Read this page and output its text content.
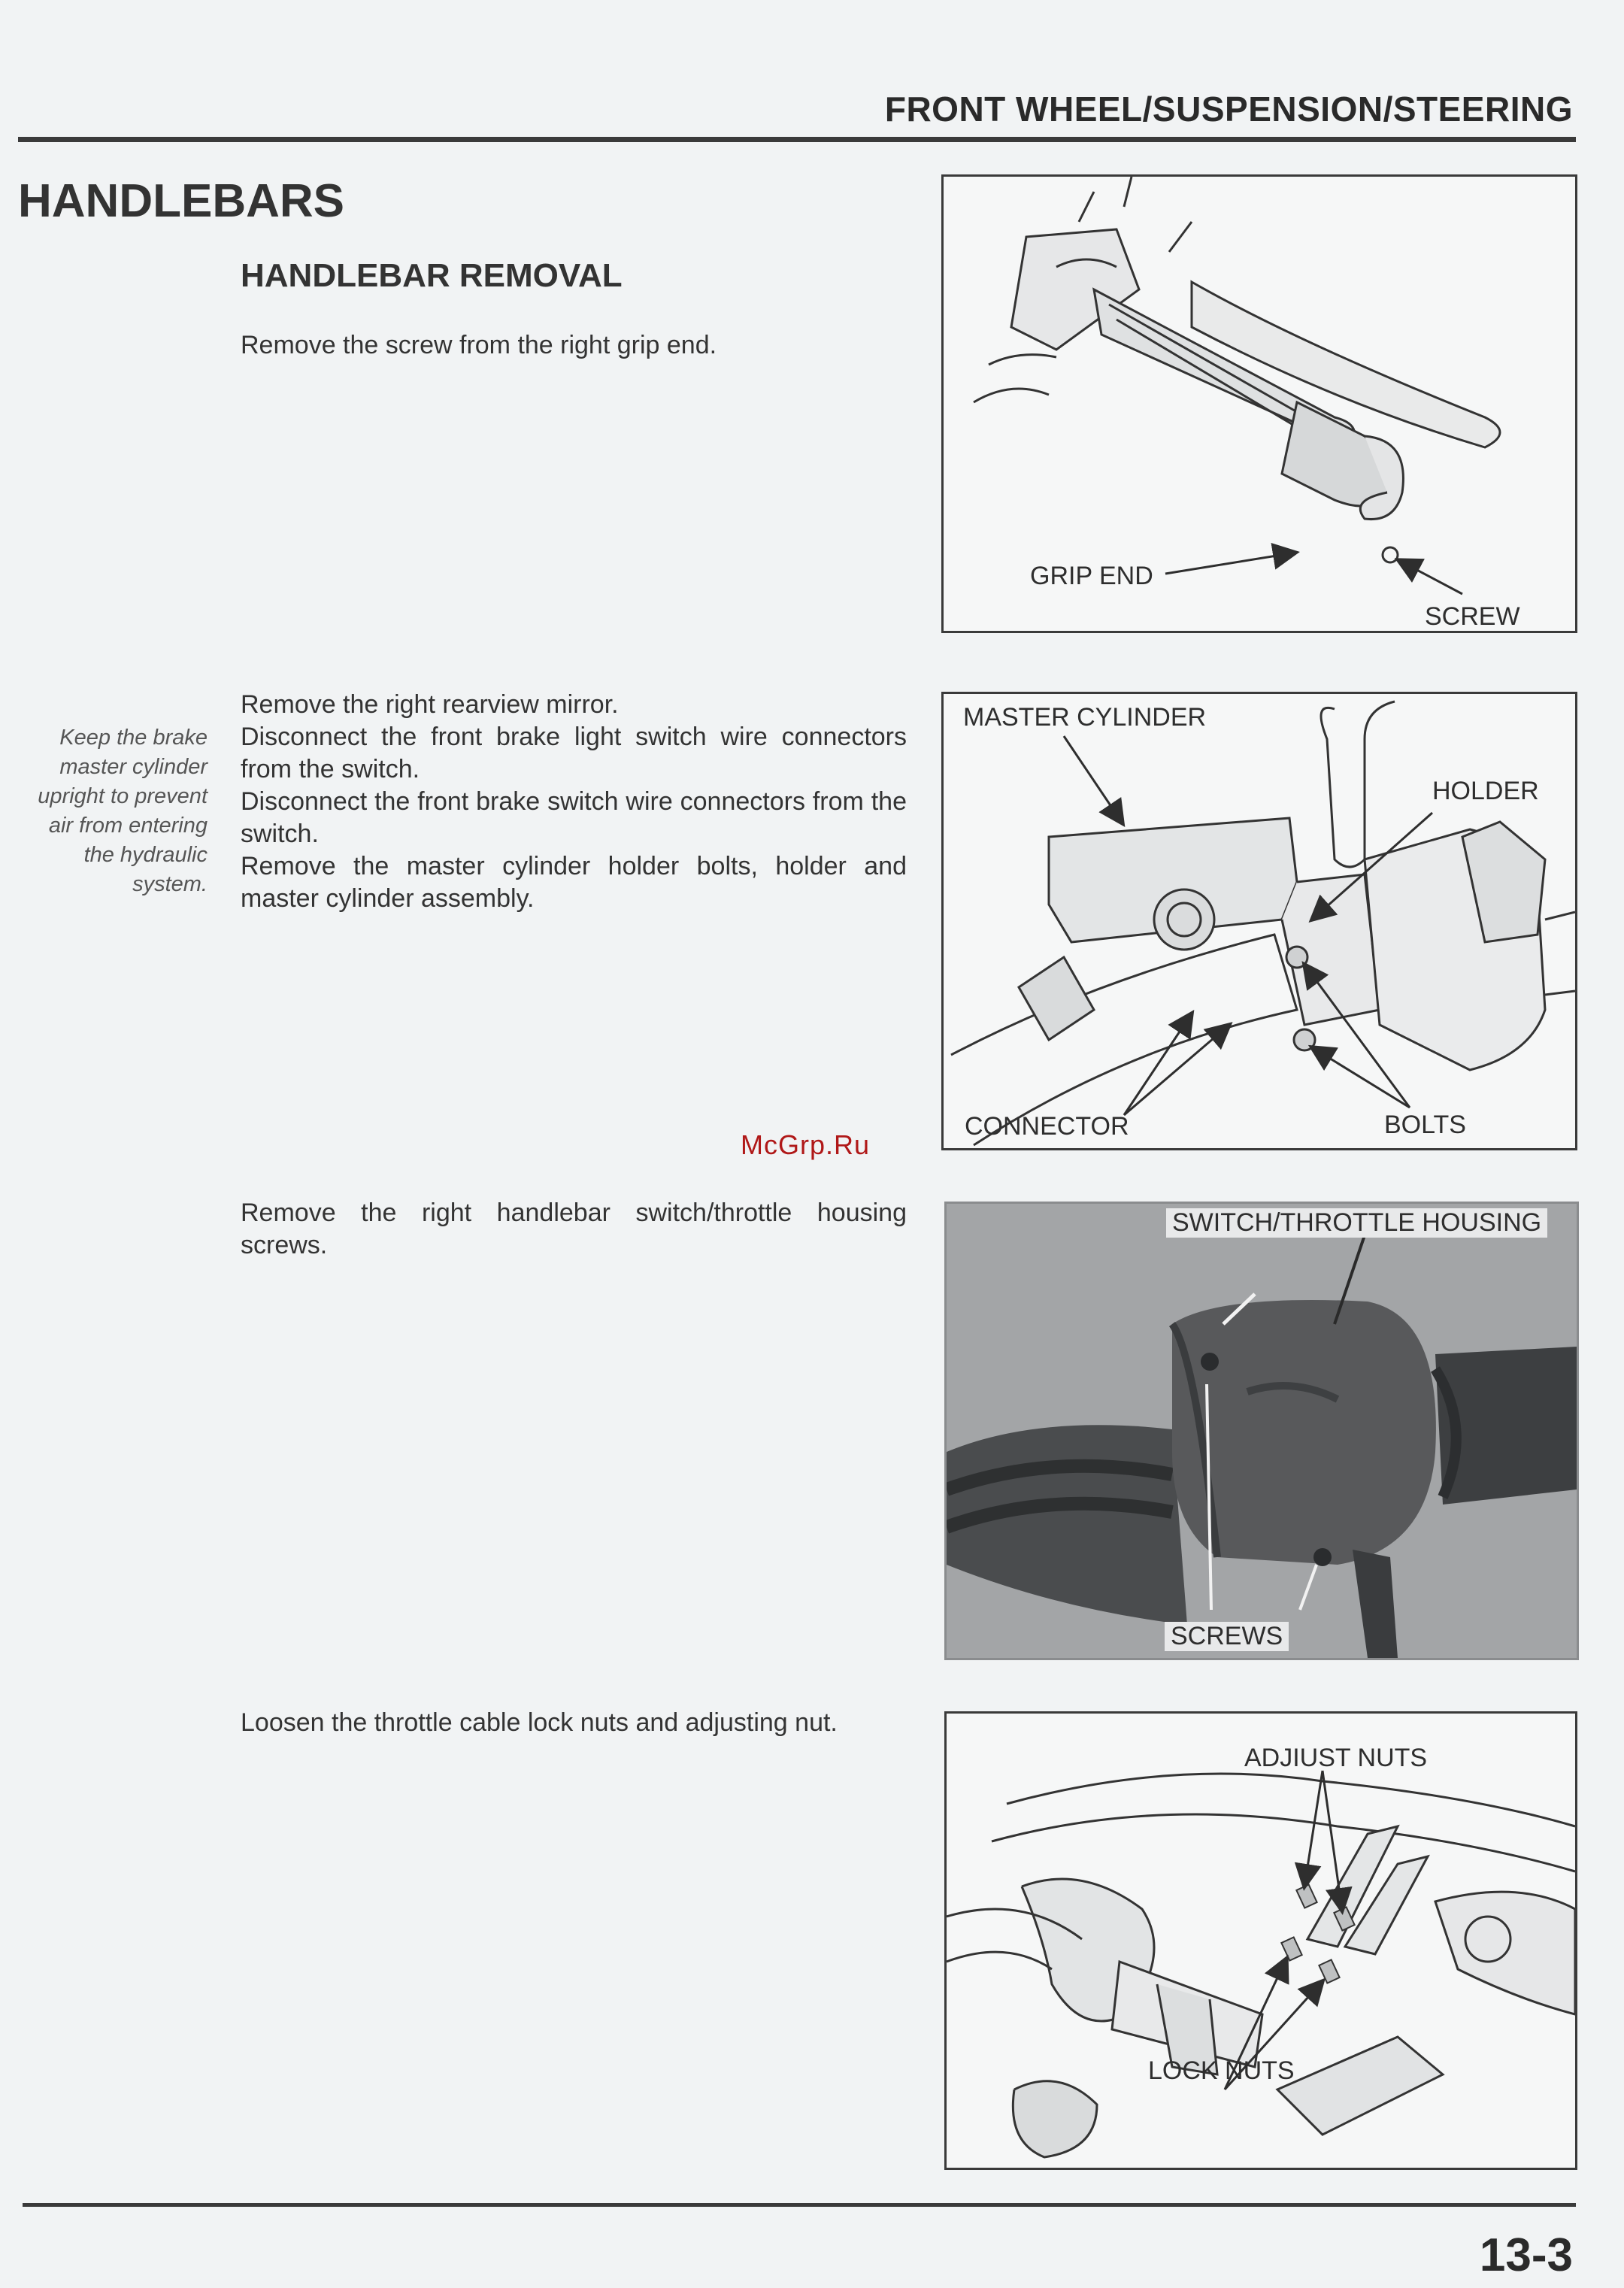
FRONT WHEEL/SUSPENSION/STEERING
HANDLEBARS
HANDLEBAR REMOVAL

Remove the screw from the right grip end.

Keep the brake master cylinder upright to prevent air from entering the hydraulic system.

Remove the right rearview mirror.

Disconnect the front brake light switch wire connectors from the switch.

Disconnect the front brake switch wire connectors from the switch.

Remove the master cylinder holder bolts, holder and master cylinder assembly.

McGrp.Ru

Remove the right handlebar switch/throttle housing screws.

Loosen the throttle cable lock nuts and adjusting nut.

GRIP END
SCREW
MASTER CYLINDER
HOLDER
CONNECTOR	BOLTS
SWITCH/THROTTLE HOUSING
SCREWS
ADJIUST NUTS
LOCK NUTS
13-3
